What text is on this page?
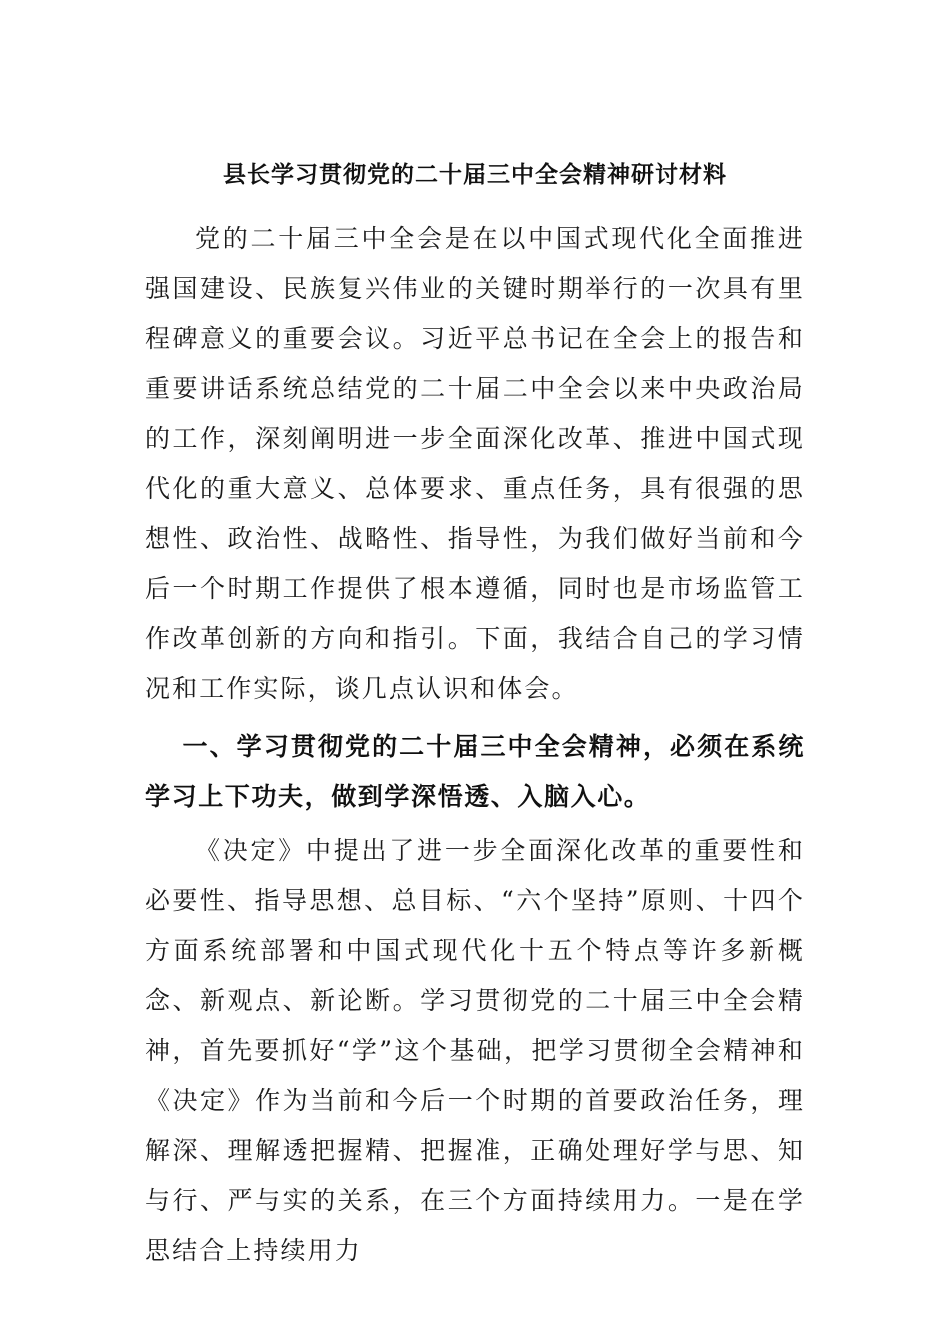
县长学习贯彻党的二十届三中全会精神研讨材料

党的二十届三中全会是在以中国式现代化全面推进强国建设、民族复兴伟业的关键时期举行的一次具有里程碑意义的重要会议。习近平总书记在全会上的报告和重要讲话系统总结党的二十届二中全会以来中央政治局的工作，深刻阐明进一步全面深化改革、推进中国式现代化的重大意义、总体要求、重点任务，具有很强的思想性、政治性、战略性、指导性，为我们做好当前和今后一个时期工作提供了根本遵循，同时也是市场监管工作改革创新的方向和指引。下面，我结合自己的学习情况和工作实际，谈几点认识和体会。

一、学习贯彻党的二十届三中全会精神，必须在系统学习上下功夫，做到学深悟透、入脑入心。

《决定》中提出了进一步全面深化改革的重要性和必要性、指导思想、总目标、“六个坚持”原则、十四个方面系统部署和中国式现代化十五个特点等许多新概念、新观点、新论断。学习贯彻党的二十届三中全会精神，首先要抓好“学”这个基础，把学习贯彻全会精神和《决定》作为当前和今后一个时期的首要政治任务，理解深、理解透把握精、把握准，正确处理好学与思、知与行、严与实的关系，在三个方面持续用力。一是在学思结合上持续用力
